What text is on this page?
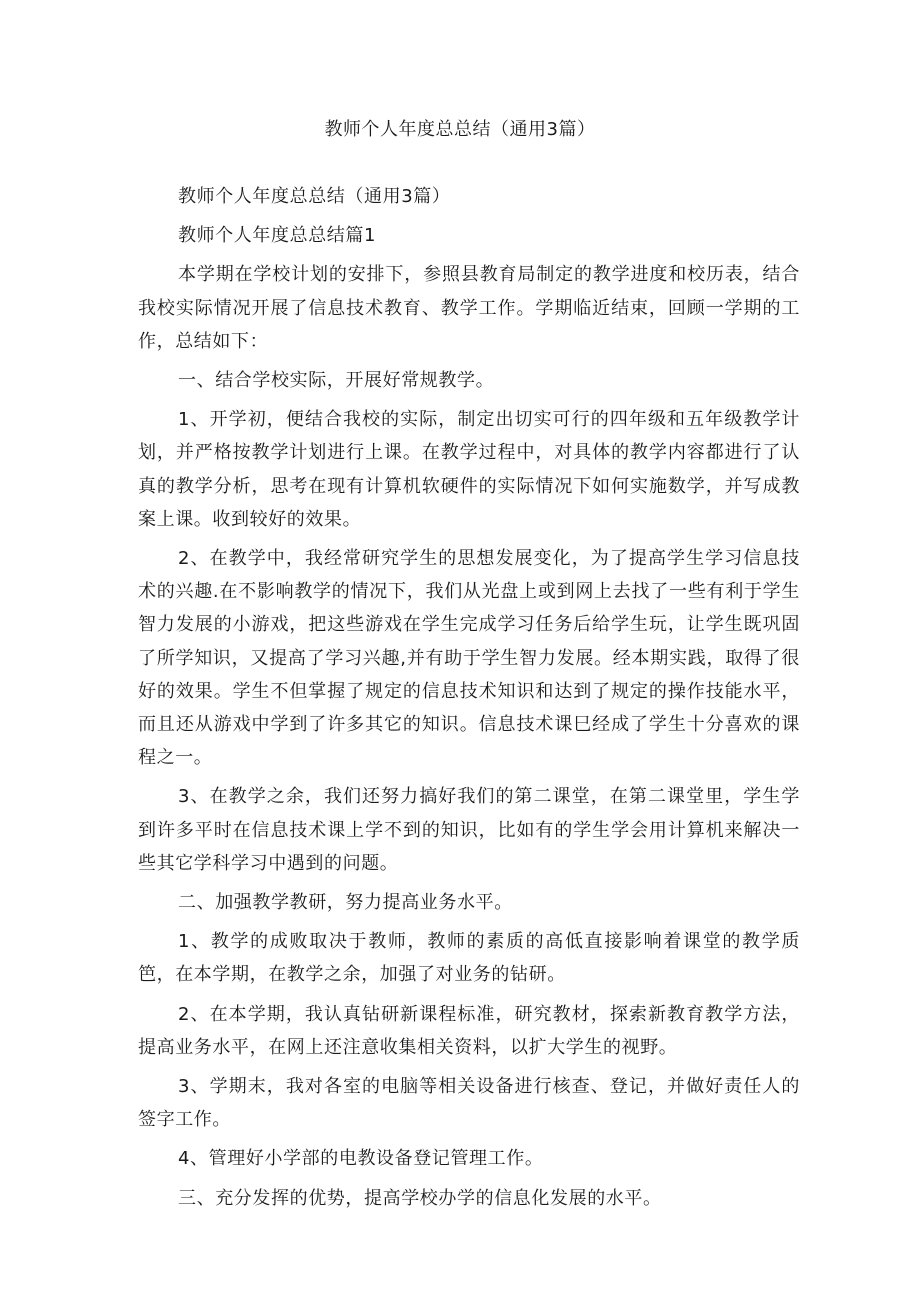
教师个人年度总总结（通用3篇）

教师个人年度总总结（通用3篇）

教师个人年度总总结篇1

本学期在学校计划的安排下，参照县教育局制定的教学进度和校历表，结合我校实际情况开展了信息技术教育、教学工作。学期临近结束，回顾一学期的工作，总结如下：

一、结合学校实际，开展好常规教学。

1、开学初，便结合我校的实际，制定出切实可行的四年级和五年级教学计划，并严格按教学计划进行上课。在教学过程中，对具体的教学内容都进行了认真的教学分析，思考在现有计算机软硬件的实际情况下如何实施数学，并写成教案上课。收到较好的效果。

2、在教学中，我经常研究学生的思想发展变化，为了提高学生学习信息技术的兴趣.在不影响教学的情况下，我们从光盘上或到网上去找了一些有利于学生智力发展的小游戏，把这些游戏在学生完成学习任务后给学生玩，让学生既巩固了所学知识，又提高了学习兴趣,并有助于学生智力发展。经本期实践，取得了很好的效果。学生不但掌握了规定的信息技术知识和达到了规定的操作技能水平，而且还从游戏中学到了许多其它的知识。信息技术课巳经成了学生十分喜欢的课程之一。

3、在教学之余，我们还努力搞好我们的第二课堂，在第二课堂里，学生学到许多平时在信息技术课上学不到的知识，比如有的学生学会用计算机来解决一些其它学科学习中遇到的问题。

二、加强教学教研，努力提高业务水平。

1、教学的成败取决于教师，教师的素质的高低直接影响着课堂的教学质笆，在本学期，在教学之余，加强了对业务的钻研。

2、在本学期，我认真钻研新课程标准，研究教材，探索新教育教学方法，提高业务水平，在网上还注意收集相关资料，以扩大学生的视野。

3、学期末，我对各室的电脑等相关设备进行核查、登记，并做好责任人的签字工作。

4、管理好小学部的电教设备登记管理工作。

三、充分发挥的优势，提高学校办学的信息化发展的水平。
